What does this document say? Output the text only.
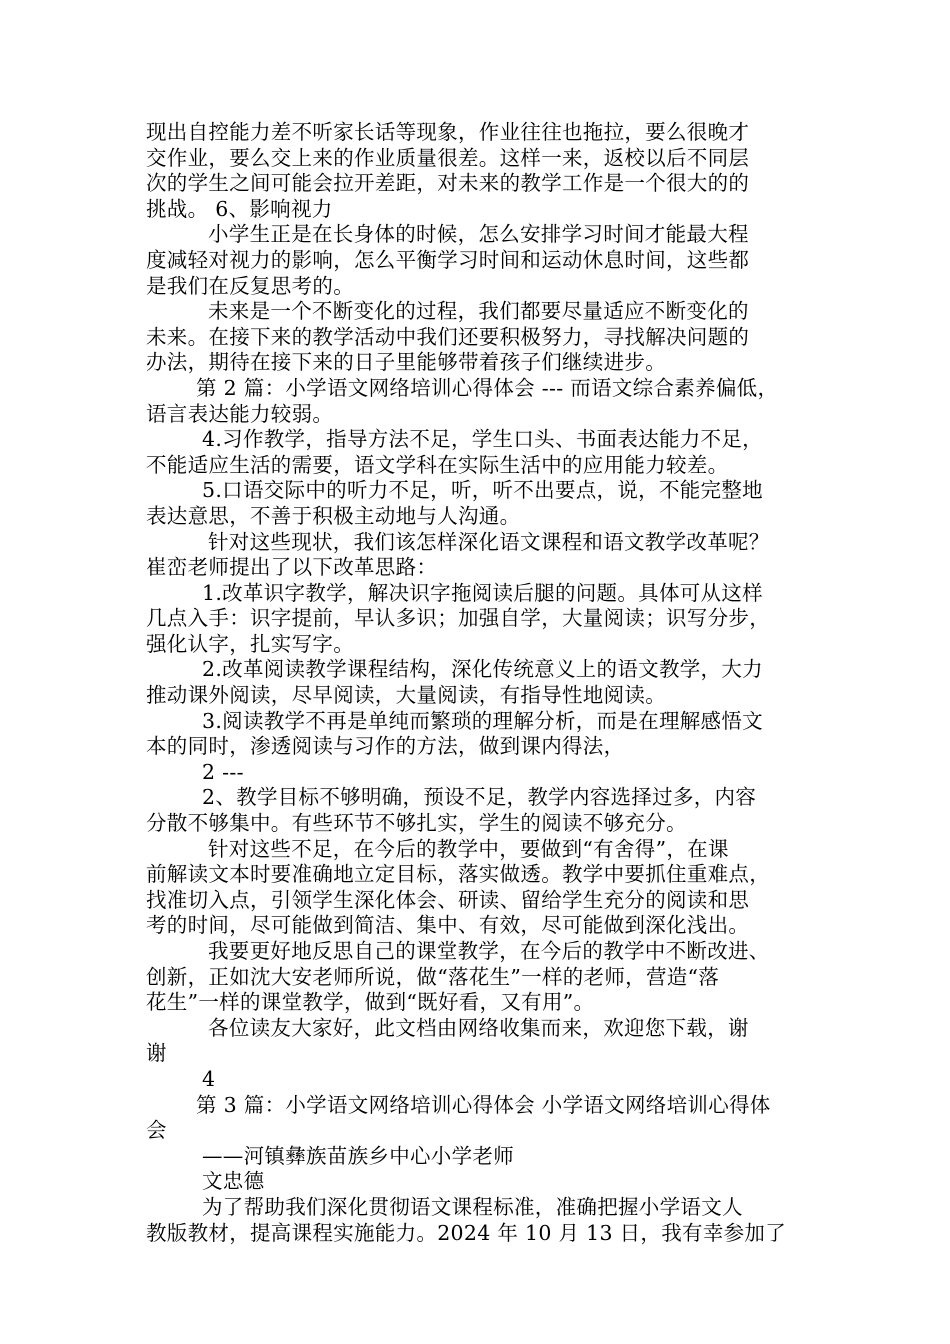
现出自控能力差不听家长话等现象，作业往往也拖拉，要么很晚才
交作业，要么交上来的作业质量很差。这样一来，返校以后不同层
次的学生之间可能会拉开差距，对未来的教学工作是一个很大的的
挑战。 6、影响视力
小学生正是在长身体的时候，怎么安排学习时间才能最大程
度减轻对视力的影响，怎么平衡学习时间和运动休息时间，这些都
是我们在反复思考的。
未来是一个不断变化的过程，我们都要尽量适应不断变化的
未来。在接下来的教学活动中我们还要积极努力，寻找解决问题的
办法，期待在接下来的日子里能够带着孩子们继续进步。
第 2 篇：小学语文网络培训心得体会 --- 而语文综合素养偏低，
语言表达能力较弱。
4.习作教学，指导方法不足，学生口头、书面表达能力不足，
不能适应生活的需要，语文学科在实际生活中的应用能力较差。
5.口语交际中的听力不足，听，听不出要点，说，不能完整地
表达意思，不善于积极主动地与人沟通。
针对这些现状，我们该怎样深化语文课程和语文教学改革呢？
崔峦老师提出了以下改革思路：
1.改革识字教学，解决识字拖阅读后腿的问题。具体可从这样
几点入手：识字提前，早认多识；加强自学，大量阅读；识写分步，
强化认字，扎实写字。
2.改革阅读教学课程结构，深化传统意义上的语文教学，大力
推动课外阅读，尽早阅读，大量阅读，有指导性地阅读。
3.阅读教学不再是单纯而繁琐的理解分析，而是在理解感悟文
本的同时，渗透阅读与习作的方法，做到课内得法，
2 ---
2、教学目标不够明确，预设不足，教学内容选择过多，内容
分散不够集中。有些环节不够扎实，学生的阅读不够充分。
针对这些不足，在今后的教学中，要做到“有舍得”，在课
前解读文本时要准确地立定目标，落实做透。教学中要抓住重难点，
找准切入点，引领学生深化体会、研读、留给学生充分的阅读和思
考的时间，尽可能做到简洁、集中、有效，尽可能做到深化浅出。
我要更好地反思自己的课堂教学，在今后的教学中不断改进、
创新，正如沈大安老师所说，做“落花生”一样的老师，营造“落
花生”一样的课堂教学，做到“既好看，又有用”。
各位读友大家好，此文档由网络收集而来，欢迎您下载，谢
谢
4
第 3 篇：小学语文网络培训心得体会 小学语文网络培训心得体
会
——河镇彝族苗族乡中心小学老师
文忠德
为了帮助我们深化贯彻语文课程标准，准确把握小学语文人
教版教材，提高课程实施能力。2024 年 10 月 13 日，我有幸参加了
